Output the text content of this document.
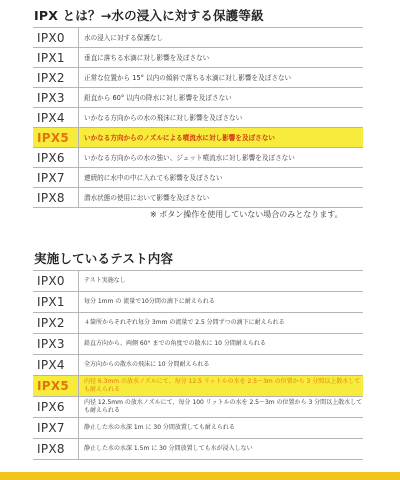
IPX とは？→水の浸入に対する保護等級
IPX0	水の浸入に対する保護なし
IPX1	垂直に落ちる水滴に対し影響を及ぼさない
IPX2	正常な位置から 15° 以内の傾斜で落ちる水滴に対し影響を及ぼさない
IPX3	鉛直から 60° 以内の降水に対し影響を及ぼさない
IPX4	いかなる方向からの水の飛沫に対し影響を及ぼさない
IPX5	いかなる方向からのノズルによる噴流水に対し影響を及ぼさない
IPX6	いかなる方向からの水の強い、ジェット噴流水に対し影響を及ぼさない
IPX7	連続的に水中の中に入れても影響を及ぼさない
IPX8	潜水状態の使用において影響を及ぼさない
※ ボタン操作を使用していない場合のみとなります。
実施しているテスト内容
IPX0	テスト実施なし
IPX1	毎分 1mm の 流量で10分間の滴下に耐えられる
IPX2	４箇所からそれぞれ毎分 3mm の流量で 2.5 分間ずつの滴下に耐えられる
IPX3	鉛直方向から、両側 60° までの角度での散水に 10 分間耐えられる
IPX4	全方向からの散水の飛沫に 10 分間耐えられる
IPX5	内径 6.3mm の放水ノズルにて、毎分 12.5 リットルの水を 2.5～3m の位置から 3 分間以上散水しても耐えられる
IPX6	内径 12.5mm の放水ノズルにて、毎分 100 リットルの水を 2.5～3m の位置から 3 分間以上散水しても耐えられる
IPX7	静止した水の水深 1m に 30 分間放置しても耐えられる
IPX8	静止した水の水深 1.5m に 30 分間放置しても水が浸入しない
